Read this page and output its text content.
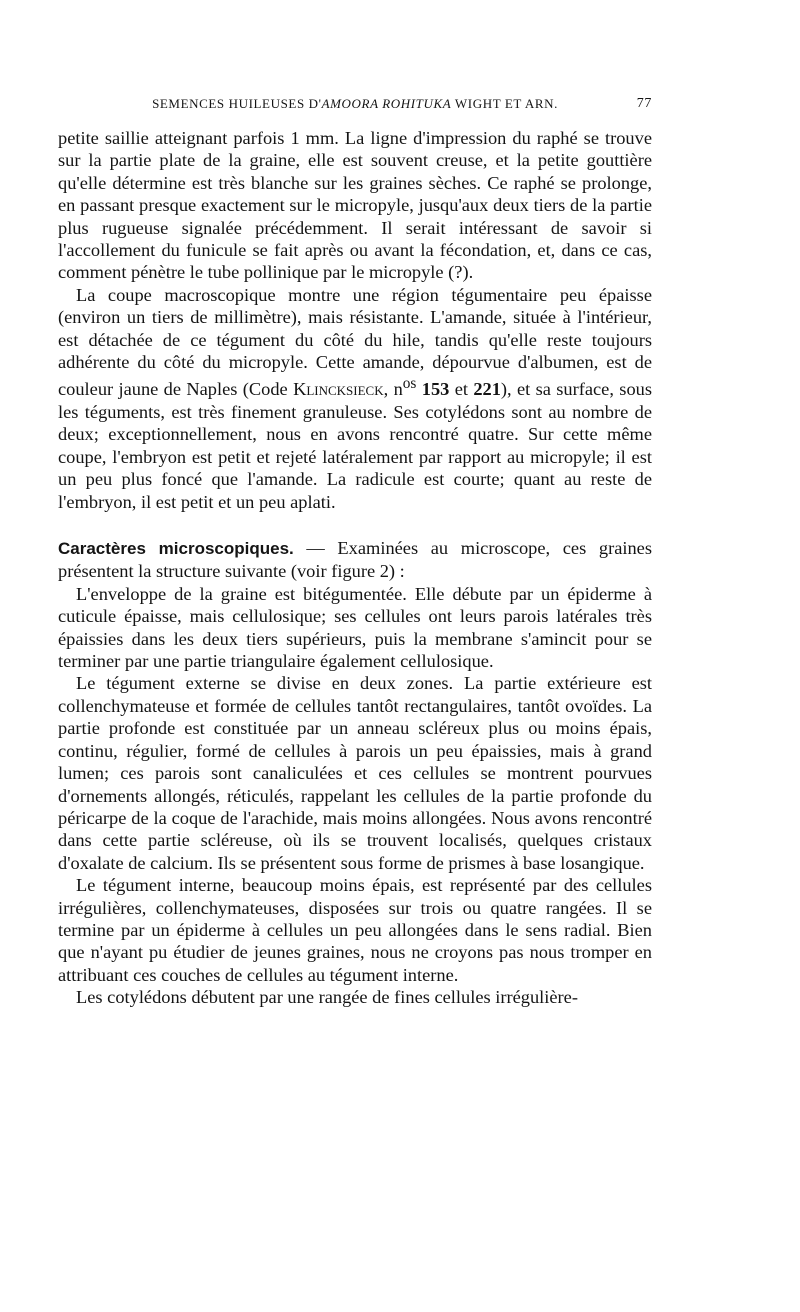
SEMENCES HUILEUSES D'AMOORA ROHITUKA WIGHT ET ARN.	77

petite saillie atteignant parfois 1 mm. La ligne d'impression du raphé se trouve sur la partie plate de la graine, elle est souvent creuse, et la petite gouttière qu'elle détermine est très blanche sur les graines sèches. Ce raphé se prolonge, en passant presque exactement sur le micropyle, jusqu'aux deux tiers de la partie plus rugueuse signalée précédemment. Il serait intéressant de savoir si l'accollement du funicule se fait après ou avant la fécondation, et, dans ce cas, comment pénètre le tube pollinique par le micropyle (?).

La coupe macroscopique montre une région tégumentaire peu épaisse (environ un tiers de millimètre), mais résistante. L'amande, située à l'intérieur, est détachée de ce tégument du côté du hile, tandis qu'elle reste toujours adhérente du côté du micropyle. Cette amande, dépourvue d'albumen, est de couleur jaune de Naples (Code Klincksieck, $n^{os}$ 153 et 221), et sa surface, sous les téguments, est très finement granuleuse. Ses cotylédons sont au nombre de deux; exceptionnellement, nous en avons rencontré quatre. Sur cette même coupe, l'embryon est petit et rejeté latéralement par rapport au micropyle; il est un peu plus foncé que l'amande. La radicule est courte; quant au reste de l'embryon, il est petit et un peu aplati.

Caractères microscopiques. — Examinées au microscope, ces graines présentent la structure suivante (voir figure 2) :

L'enveloppe de la graine est bitégumentée. Elle débute par un épiderme à cuticule épaisse, mais cellulosique; ses cellules ont leurs parois latérales très épaissies dans les deux tiers supérieurs, puis la membrane s'amincit pour se terminer par une partie triangulaire également cellulosique.

Le tégument externe se divise en deux zones. La partie extérieure est collenchymateuse et formée de cellules tantôt rectangulaires, tantôt ovoïdes. La partie profonde est constituée par un anneau scléreux plus ou moins épais, continu, régulier, formé de cellules à parois un peu épaissies, mais à grand lumen; ces parois sont canaliculées et ces cellules se montrent pourvues d'ornements allongés, réticulés, rappelant les cellules de la partie profonde du péricarpe de la coque de l'arachide, mais moins allongées. Nous avons rencontré dans cette partie scléreuse, où ils se trouvent localisés, quelques cristaux d'oxalate de calcium. Ils se présentent sous forme de prismes à base losangique.

Le tégument interne, beaucoup moins épais, est représenté par des cellules irrégulières, collenchymateuses, disposées sur trois ou quatre rangées. Il se termine par un épiderme à cellules un peu allongées dans le sens radial. Bien que n'ayant pu étudier de jeunes graines, nous ne croyons pas nous tromper en attribuant ces couches de cellules au tégument interne.

Les cotylédons débutent par une rangée de fines cellules irrégulière-
